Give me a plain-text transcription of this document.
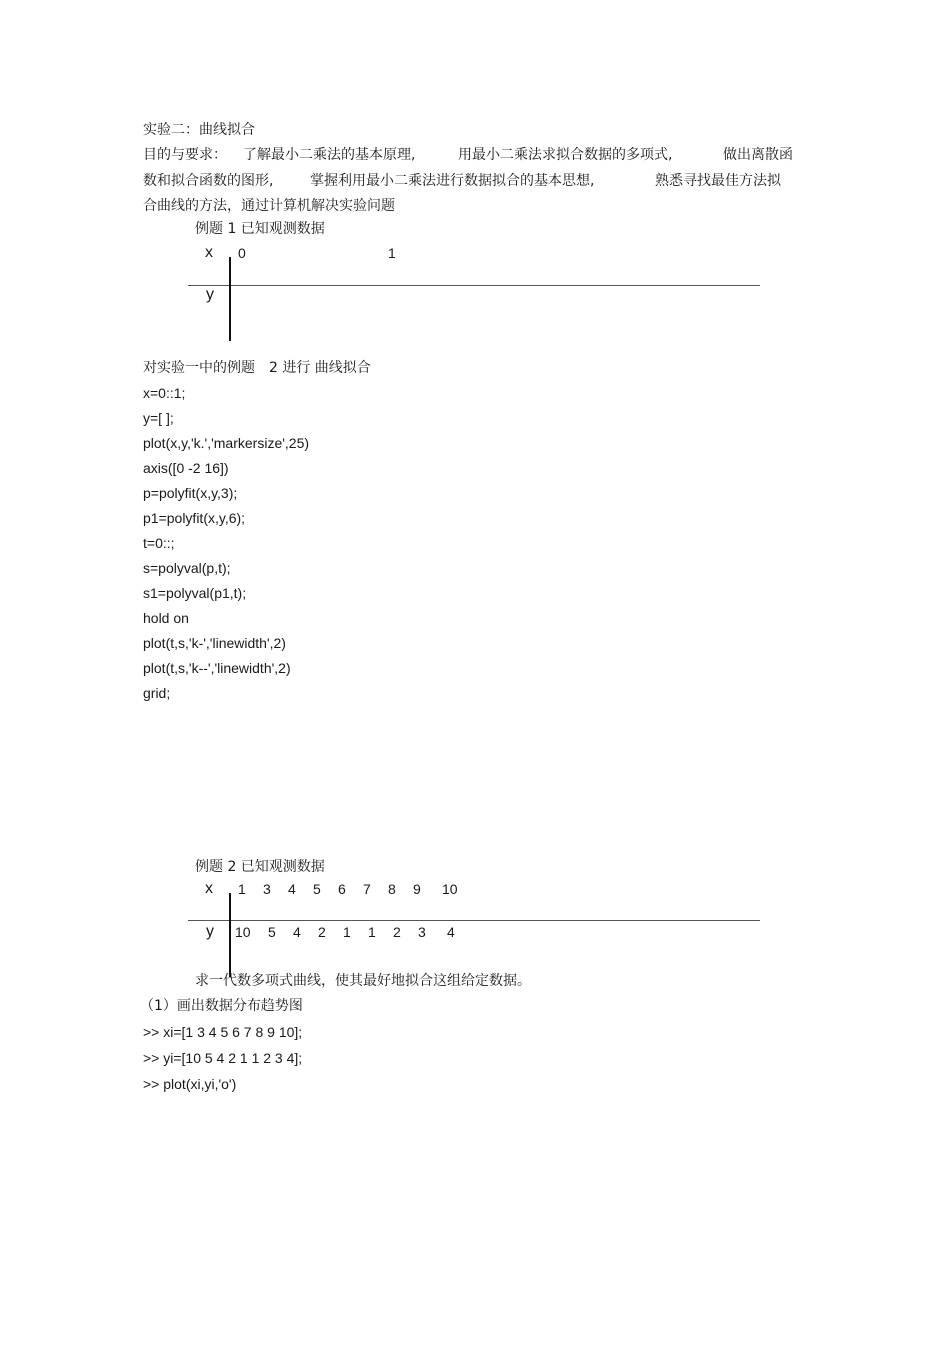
实验二：曲线拟合
目的与要求： 了解最小二乘法的基本原理,	用最小二乘法求拟合数据的多项式,	做出离散函
数和拟合函数的图形,	掌握利用最小二乘法进行数据拟合的基本思想,	熟悉寻找最佳方法拟
合曲线的方法，通过计算机解决实验问题
例题 1 已知观测数据
x 0	1
y
对实验一中的例题　2 进行 曲线拟合
x=0::1;
y=[ ];
plot(x,y,'k.','markersize',25)
axis([0 -2 16])
p=polyfit(x,y,3);
p1=polyfit(x,y,6);
t=0::;
s=polyval(p,t);
s1=polyval(p1,t);
hold on
plot(t,s,'k-','linewidth',2)
plot(t,s,'k--','linewidth',2)
grid;
例题 2 已知观测数据
x 1 3 4 5 6 7 8 9 10
y 10 5 4 2 1 1 2 3 4
求一代数多项式曲线，使其最好地拟合这组给定数据。
（1）画出数据分布趋势图
>> xi=[1 3 4 5 6 7 8 9 10];
>> yi=[10 5 4 2 1 1 2 3 4];
>> plot(xi,yi,'o')
